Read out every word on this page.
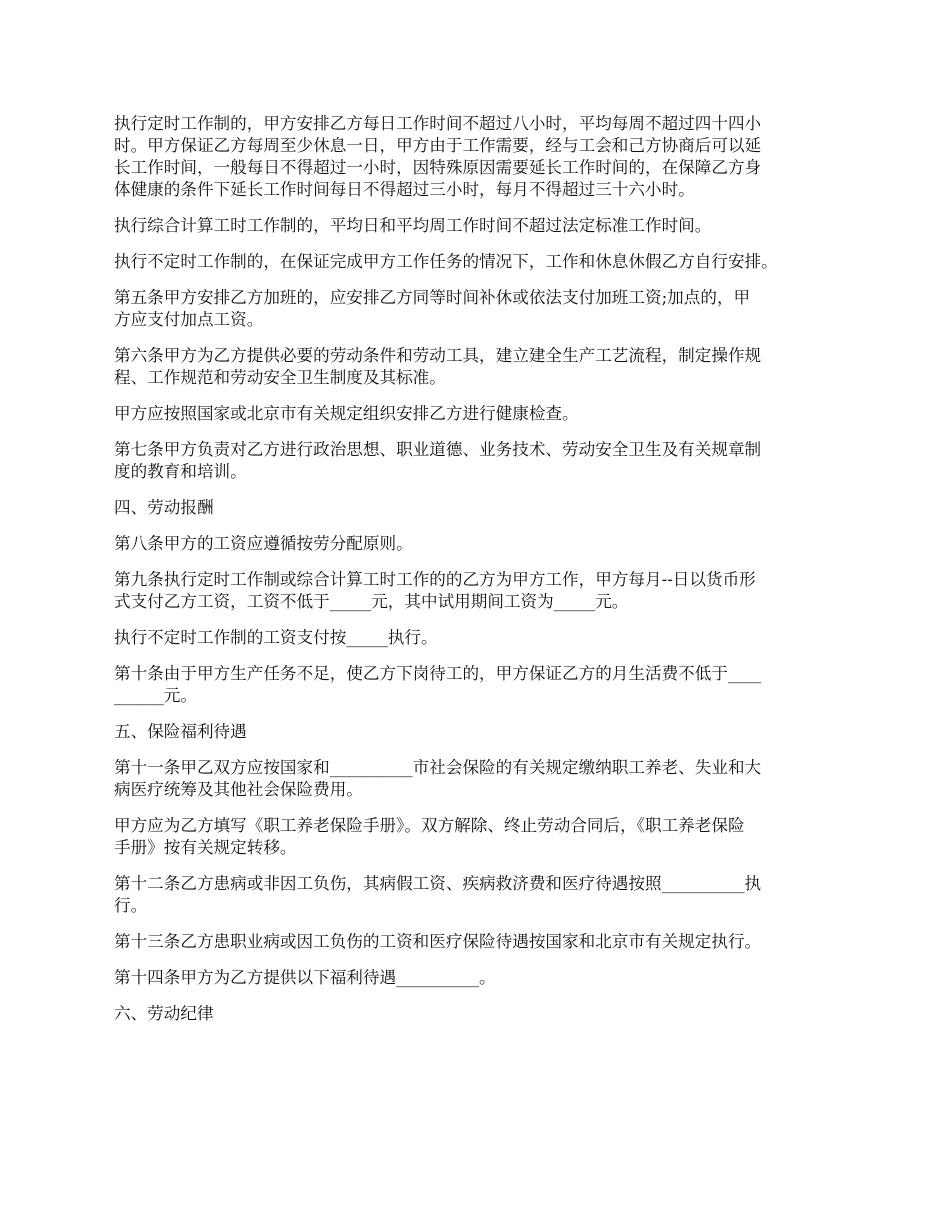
执行定时工作制的，甲方安排乙方每日工作时间不超过八小时，平均每周不超过四十四小
时。甲方保证乙方每周至少休息一日，甲方由于工作需要，经与工会和己方协商后可以延
长工作时间，一般每日不得超过一小时，因特殊原因需要延长工作时间的，在保障乙方身
体健康的条件下延长工作时间每日不得超过三小时，每月不得超过三十六小时。

执行综合计算工时工作制的，平均日和平均周工作时间不超过法定标准工作时间。

执行不定时工作制的，在保证完成甲方工作任务的情况下，工作和休息休假乙方自行安排。

第五条甲方安排乙方加班的，应安排乙方同等时间补休或依法支付加班工资;加点的，甲
方应支付加点工资。

第六条甲方为乙方提供必要的劳动条件和劳动工具，建立建全生产工艺流程，制定操作规
程、工作规范和劳动安全卫生制度及其标准。

甲方应按照国家或北京市有关规定组织安排乙方进行健康检查。

第七条甲方负责对乙方进行政治思想、职业道德、业务技术、劳动安全卫生及有关规章制
度的教育和培训。

四、劳动报酬

第八条甲方的工资应遵循按劳分配原则。

第九条执行定时工作制或综合计算工时工作的的乙方为甲方工作，甲方每月--日以货币形
式支付乙方工资，工资不低于_____元，其中试用期间工资为_____元。

执行不定时工作制的工资支付按_____执行。

第十条由于甲方生产任务不足，使乙方下岗待工的，甲方保证乙方的月生活费不低于____
______元。

五、保险福利待遇

第十一条甲乙双方应按国家和__________市社会保险的有关规定缴纳职工养老、失业和大
病医疗统筹及其他社会保险费用。

甲方应为乙方填写《职工养老保险手册》。双方解除、终止劳动合同后，《职工养老保险
手册》按有关规定转移。

第十二条乙方患病或非因工负伤，其病假工资、疾病救济费和医疗待遇按照__________执
行。

第十三条乙方患职业病或因工负伤的工资和医疗保险待遇按国家和北京市有关规定执行。

第十四条甲方为乙方提供以下福利待遇__________。

六、劳动纪律
